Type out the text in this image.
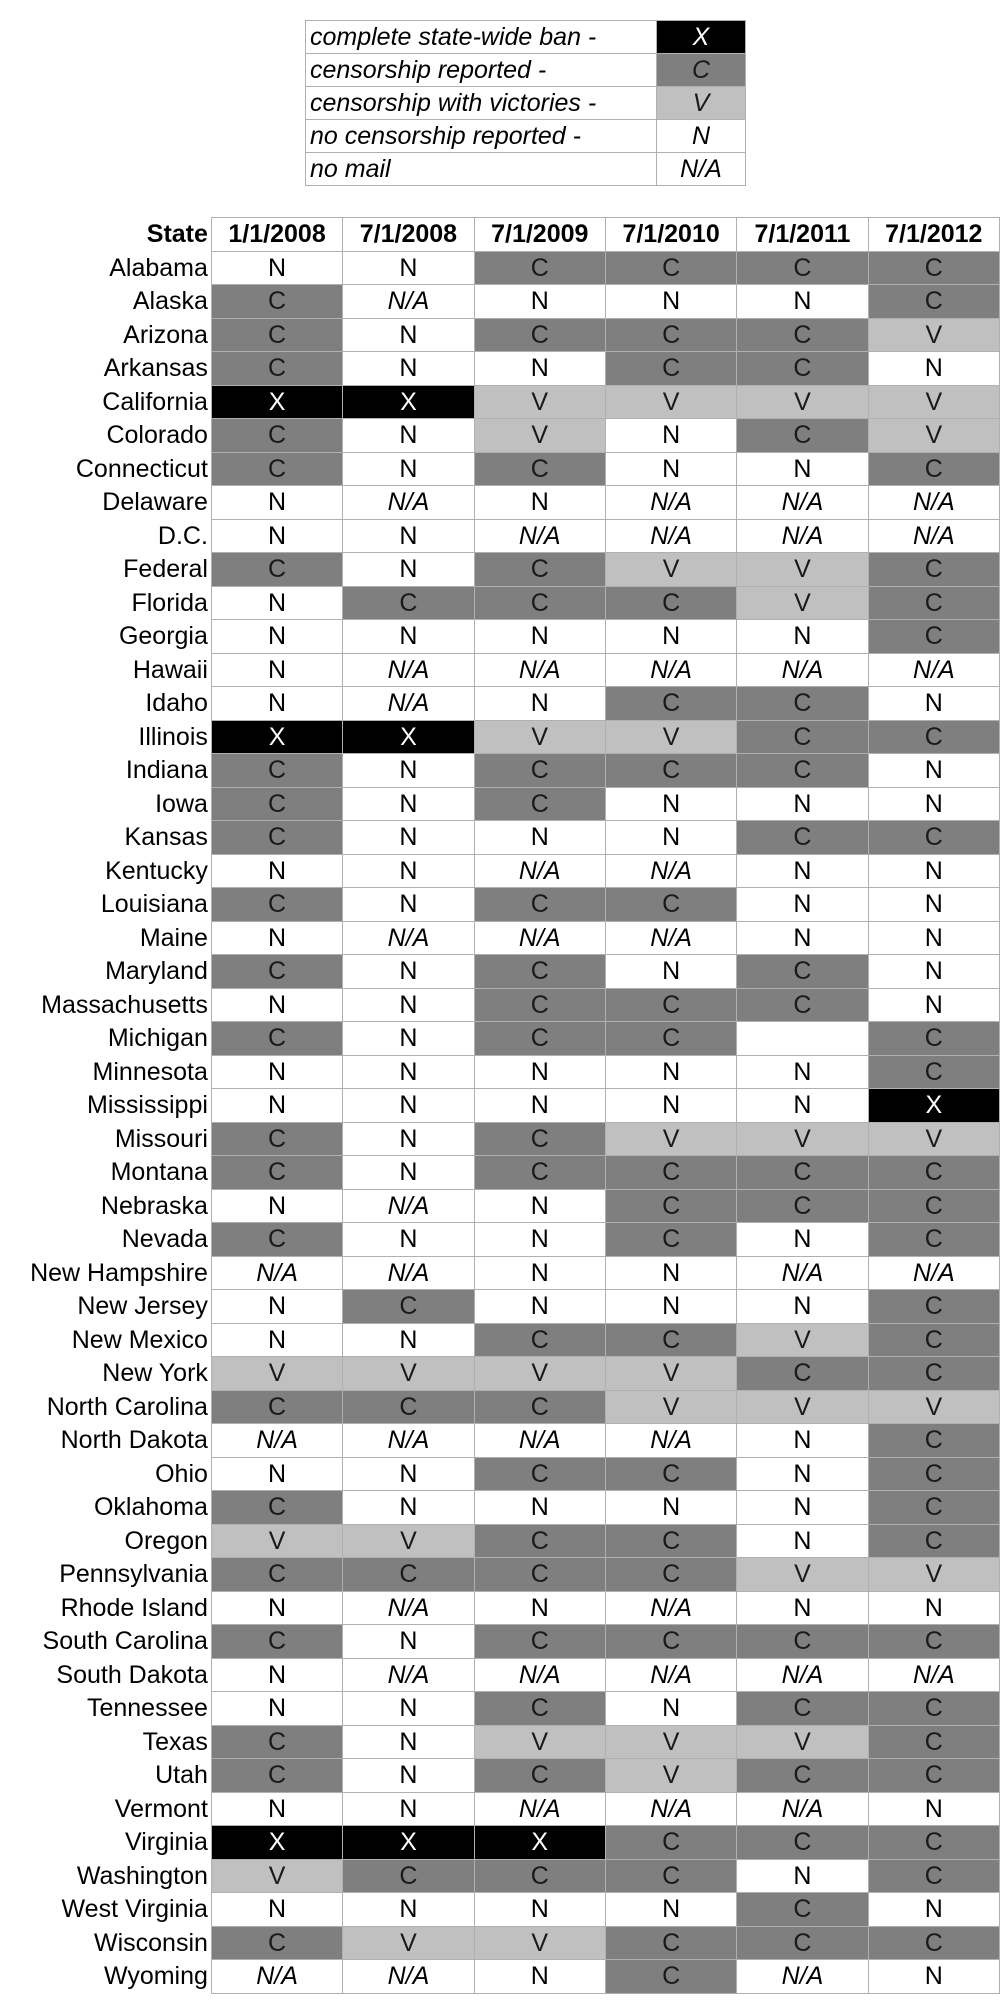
complete state-wide ban -	X
censorship reported -	C
censorship with victories -	V
no censorship reported -	N
no mail	N/A
State	1/1/2008	7/1/2008	7/1/2009	7/1/2010	7/1/2011	7/1/2012
Alabama	N	N	C	C	C	C
Alaska	C	N/A	N	N	N	C
Arizona	C	N	C	C	C	V
Arkansas	C	N	N	C	C	N
California	X	X	V	V	V	V
Colorado	C	N	V	N	C	V
Connecticut	C	N	C	N	N	C
Delaware	N	N/A	N	N/A	N/A	N/A
D.C.	N	N	N/A	N/A	N/A	N/A
Federal	C	N	C	V	V	C
Florida	N	C	C	C	V	C
Georgia	N	N	N	N	N	C
Hawaii	N	N/A	N/A	N/A	N/A	N/A
Idaho	N	N/A	N	C	C	N
Illinois	X	X	V	V	C	C
Indiana	C	N	C	C	C	N
Iowa	C	N	C	N	N	N
Kansas	C	N	N	N	C	C
Kentucky	N	N	N/A	N/A	N	N
Louisiana	C	N	C	C	N	N
Maine	N	N/A	N/A	N/A	N	N
Maryland	C	N	C	N	C	N
Massachusetts	N	N	C	C	C	N
Michigan	C	N	C	C		C
Minnesota	N	N	N	N	N	C
Mississippi	N	N	N	N	N	X
Missouri	C	N	C	V	V	V
Montana	C	N	C	C	C	C
Nebraska	N	N/A	N	C	C	C
Nevada	C	N	N	C	N	C
New Hampshire	N/A	N/A	N	N	N/A	N/A
New Jersey	N	C	N	N	N	C
New Mexico	N	N	C	C	V	C
New York	V	V	V	V	C	C
North Carolina	C	C	C	V	V	V
North Dakota	N/A	N/A	N/A	N/A	N	C
Ohio	N	N	C	C	N	C
Oklahoma	C	N	N	N	N	C
Oregon	V	V	C	C	N	C
Pennsylvania	C	C	C	C	V	V
Rhode Island	N	N/A	N	N/A	N	N
South Carolina	C	N	C	C	C	C
South Dakota	N	N/A	N/A	N/A	N/A	N/A
Tennessee	N	N	C	N	C	C
Texas	C	N	V	V	V	C
Utah	C	N	C	V	C	C
Vermont	N	N	N/A	N/A	N/A	N
Virginia	X	X	X	C	C	C
Washington	V	C	C	C	N	C
West Virginia	N	N	N	N	C	N
Wisconsin	C	V	V	C	C	C
Wyoming	N/A	N/A	N	C	N/A	N
